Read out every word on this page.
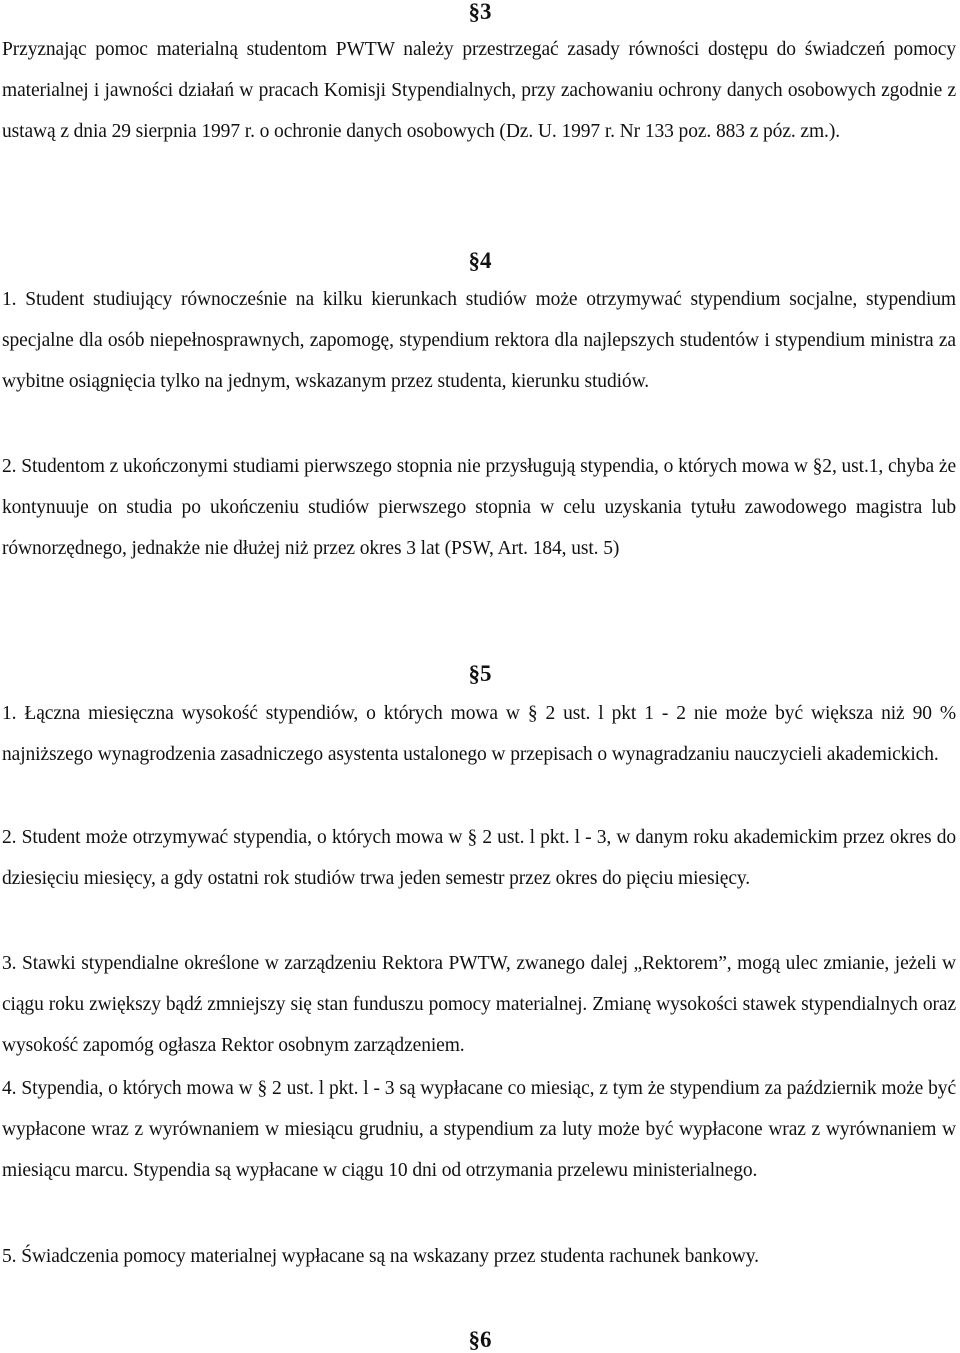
§3

Przyznając pomoc materialną studentom PWTW należy przestrzegać zasady równości dostępu do świadczeń pomocy materialnej i jawności działań w pracach Komisji Stypendialnych, przy zachowaniu ochrony danych osobowych zgodnie z ustawą z dnia 29 sierpnia 1997 r. o ochronie danych osobowych (Dz. U. 1997 r. Nr 133 poz. 883 z póz. zm.).

§4

1. Student studiujący równocześnie na kilku kierunkach studiów może otrzymywać stypendium socjalne, stypendium specjalne dla osób niepełnosprawnych, zapomogę, stypendium rektora dla najlepszych studentów i stypendium ministra za wybitne osiągnięcia tylko na jednym, wskazanym przez studenta, kierunku studiów.

2. Studentom z ukończonymi studiami pierwszego stopnia nie przysługują stypendia, o których mowa w §2, ust.1, chyba że kontynuuje on studia po ukończeniu studiów pierwszego stopnia w celu uzyskania tytułu zawodowego magistra lub równorzędnego, jednakże nie dłużej niż przez okres 3 lat (PSW, Art. 184, ust. 5)

§5

1. Łączna miesięczna wysokość stypendiów, o których mowa w § 2 ust. l pkt 1 - 2 nie może być większa niż 90 % najniższego wynagrodzenia zasadniczego asystenta ustalonego w przepisach o wynagradzaniu nauczycieli akademickich.

2. Student może otrzymywać stypendia, o których mowa w § 2 ust. l pkt. l - 3, w danym roku akademickim przez okres do dziesięciu miesięcy, a gdy ostatni rok studiów trwa jeden semestr przez okres do pięciu miesięcy.

3. Stawki stypendialne określone w zarządzeniu Rektora PWTW, zwanego dalej „Rektorem”, mogą ulec zmianie, jeżeli w ciągu roku zwiększy bądź zmniejszy się stan funduszu pomocy materialnej. Zmianę wysokości stawek stypendialnych oraz wysokość zapomóg ogłasza Rektor osobnym zarządzeniem.

4. Stypendia, o których mowa w § 2 ust. l pkt. l - 3 są wypłacane co miesiąc, z tym że stypendium za październik może być wypłacone wraz z wyrównaniem w miesiącu grudniu, a stypendium za luty może być wypłacone wraz z wyrównaniem w miesiącu marcu. Stypendia są wypłacane w ciągu 10 dni od otrzymania przelewu ministerialnego.

5. Świadczenia pomocy materialnej wypłacane są na wskazany przez studenta rachunek bankowy.

§6
